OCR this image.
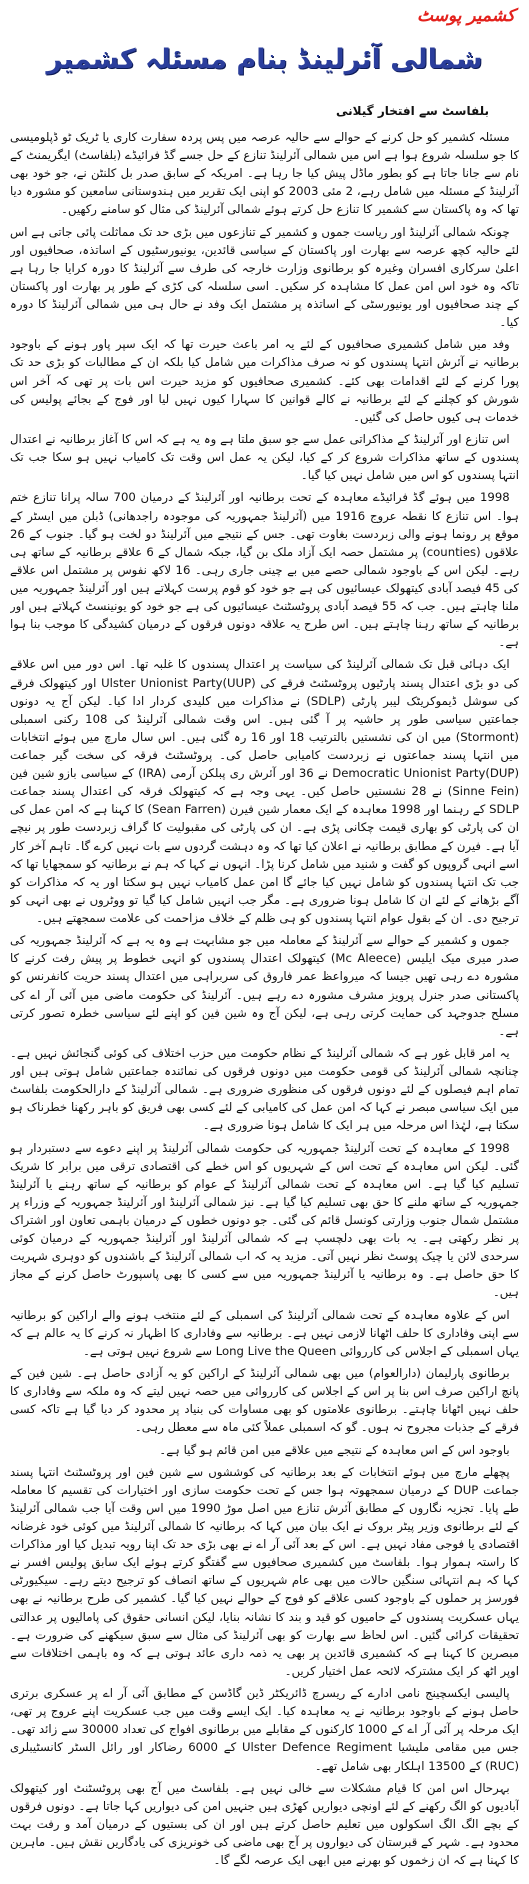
کشمیر پوسٹ
شمالی آئرلینڈ بنام مسئلہ کشمیر
بلفاسٹ سے افتخار گیلانی

مسئلہ کشمیر کو حل کرنے کے حوالے سے حالیہ عرصہ میں پس پردہ سفارت کاری یا ٹریک ٹو ڈپلومیسی کا جو سلسلہ شروع ہوا ہے اس میں شمالی آئرلینڈ تنازع کے حل جسے گڈ فرائیڈے (بلفاسٹ) ایگریمنٹ کے نام سے جانا جاتا ہے کو بطور ماڈل پیش کیا جا رہا ہے۔ امریکہ کے سابق صدر بل کلنٹن نے، جو خود بھی آئرلینڈ کے مسئلہ میں شامل رہے، 2 مئی 2003 کو اپنی ایک تقریر میں ہندوستانی سامعین کو مشورہ دیا تھا کہ وہ پاکستان سے کشمیر کا تنازع حل کرتے ہوئے شمالی آئرلینڈ کی مثال کو سامنے رکھیں۔

چونکہ شمالی آئرلینڈ اور ریاست جموں و کشمیر کے تنازعوں میں بڑی حد تک مماثلت پائی جاتی ہے اس لئے حالیہ کچھ عرصہ سے بھارت اور پاکستان کے سیاسی قائدین، یونیورسٹیوں کے اساتذہ، صحافیوں اور اعلیٰ سرکاری افسران وغیرہ کو برطانوی وزارت خارجہ کی طرف سے آئرلینڈ کا دورہ کرایا جا رہا ہے تاکہ وہ خود اس امن عمل کا مشاہدہ کر سکیں۔ اسی سلسلہ کی کڑی کے طور پر بھارت اور پاکستان کے چند صحافیوں اور یونیورسٹی کے اساتذہ پر مشتمل ایک وفد نے حال ہی میں شمالی آئرلینڈ کا دورہ کیا۔

وفد میں شامل کشمیری صحافیوں کے لئے یہ امر باعث حیرت تھا کہ ایک سپر پاور ہونے کے باوجود برطانیہ نے آئرش انتہا پسندوں کو نہ صرف مذاکرات میں شامل کیا بلکہ ان کے مطالبات کو بڑی حد تک پورا کرنے کے لئے اقدامات بھی کئے۔ کشمیری صحافیوں کو مزید حیرت اس بات پر تھی کہ آخر اس شورش کو کچلنے کے لئے برطانیہ نے کالے قوانین کا سہارا کیوں نہیں لیا اور فوج کے بجائے پولیس کی خدمات ہی کیوں حاصل کی گئیں۔

اس تنازع اور آئرلینڈ کے مذاکراتی عمل سے جو سبق ملتا ہے وہ یہ ہے کہ اس کا آغاز برطانیہ نے اعتدال پسندوں کے ساتھ مذاکرات شروع کر کے کیا، لیکن یہ عمل اس وقت تک کامیاب نہیں ہو سکا جب تک انتہا پسندوں کو اس میں شامل نہیں کیا گیا۔

1998 میں ہوئے گڈ فرائیڈے معاہدہ کے تحت برطانیہ اور آئرلینڈ کے درمیان 700 سالہ پرانا تنازع ختم ہوا۔ اس تنازع کا نقطہ عروج 1916 میں (آئرلینڈ جمہوریہ کی موجودہ راجدھانی) ڈبلن میں ایسٹر کے موقع پر رونما ہونے والی زبردست بغاوت تھی۔ جس کے نتیجے میں آئرلینڈ دو لخت ہو گیا۔ جنوب کے 26 علاقوں (counties) پر مشتمل حصہ ایک آزاد ملک بن گیا، جبکہ شمال کے 6 علاقے برطانیہ کے ساتھ ہی رہے۔ لیکن اس کے باوجود شمالی حصے میں بے چینی جاری رہی۔ 16 لاکھ نفوس پر مشتمل اس علاقے کی 45 فیصد آبادی کیتھولک عیسائیوں کی ہے جو خود کو قوم پرست کہلاتے ہیں اور آئرلینڈ جمہوریہ میں ملنا چاہتے ہیں۔ جب کہ 55 فیصد آبادی پروٹسٹنٹ عیسائیوں کی ہے جو خود کو یونینسٹ کہلاتے ہیں اور برطانیہ کے ساتھ رہنا چاہتے ہیں۔ اس طرح یہ علاقہ دونوں فرقوں کے درمیان کشیدگی کا موجب بنا ہوا ہے۔

ایک دہائی قبل تک شمالی آئرلینڈ کی سیاست پر اعتدال پسندوں کا غلبہ تھا۔ اس دور میں اس علاقے کی دو بڑی اعتدال پسند پارٹیوں پروٹسٹنٹ فرقے کی Ulster Unionist Party(UUP) اور کیتھولک فرقے کی سوشل ڈیموکریٹک لیبر پارٹی (SDLP) نے مذاکرات میں کلیدی کردار ادا کیا۔ لیکن آج یہ دونوں جماعتیں سیاسی طور پر حاشیہ پر آ گئی ہیں۔ اس وقت شمالی آئرلینڈ کی 108 رکنی اسمبلی (Stormont) میں ان کی نشستیں بالترتیب 18 اور 16 رہ گئی ہیں۔ اس سال مارچ میں ہوئے انتخابات میں انتہا پسند جماعتوں نے زبردست کامیابی حاصل کی۔ پروٹسٹنٹ فرقہ کی سخت گیر جماعت Democratic Unionist Party(DUP) نے 36 اور آئرش ری پبلکن آرمی (IRA) کے سیاسی بازو شین فین (Sinne Fein) نے 28 نشستیں حاصل کیں۔ یہی وجہ ہے کہ کیتھولک فرقہ کی اعتدال پسند جماعت SDLP کے رہنما اور 1998 معاہدہ کے ایک معمار شین فیرن (Sean Farren) کا کہنا ہے کہ امن عمل کی ان کی پارٹی کو بھاری قیمت چکانی پڑی ہے۔ ان کی پارٹی کی مقبولیت کا گراف زبردست طور پر نیچے آیا ہے۔ فیرن کے مطابق برطانیہ نے اعلان کیا تھا کہ وہ دہشت گردوں سے بات نہیں کرے گا۔ تاہم آخر کار اسے انہی گروپوں کو گفت و شنید میں شامل کرنا پڑا۔ انہوں نے کہا کہ ہم نے برطانیہ کو سمجھایا تھا کہ جب تک انتہا پسندوں کو شامل نہیں کیا جائے گا امن عمل کامیاب نہیں ہو سکتا اور یہ کہ مذاکرات کو آگے بڑھانے کے لئے ان کا شامل ہونا ضروری ہے۔ مگر جب انہیں شامل کیا گیا تو ووٹروں نے بھی انہی کو ترجیح دی۔ ان کے بقول عوام انتہا پسندوں کو ہی ظلم کے خلاف مزاحمت کی علامت سمجھتے ہیں۔

جموں و کشمیر کے حوالے سے آئرلینڈ کے معاملہ میں جو مشابہت ہے وہ یہ ہے کہ آئرلینڈ جمہوریہ کی صدر میری میک ایلیس (Mc Aleece) کیتھولک اعتدال پسندوں کو انہی خطوط پر پیش رفت کرنے کا مشورہ دے رہی تھیں جیسا کہ میرواعظ عمر فاروق کی سربراہی میں اعتدال پسند حریت کانفرنس کو پاکستانی صدر جنرل پرویز مشرف مشورہ دے رہے ہیں۔ آئرلینڈ کی حکومت ماضی میں آئی آر اے کی مسلح جدوجہد کی حمایت کرتی رہی ہے، لیکن آج وہ شین فین کو اپنے لئے سیاسی خطرہ تصور کرتی ہے۔

یہ امر قابل غور ہے کہ شمالی آئرلینڈ کے نظام حکومت میں حزب اختلاف کی کوئی گنجائش نہیں ہے۔ چنانچہ شمالی آئرلینڈ کی قومی حکومت میں دونوں فرقوں کی نمائندہ جماعتیں شامل ہوتی ہیں اور تمام اہم فیصلوں کے لئے دونوں فرقوں کی منظوری ضروری ہے۔ شمالی آئرلینڈ کے دارالحکومت بلفاسٹ میں ایک سیاسی مبصر نے کہا کہ امن عمل کی کامیابی کے لئے کسی بھی فریق کو باہر رکھنا خطرناک ہو سکتا ہے، لہٰذا اس مرحلہ میں ہر ایک کا شامل ہونا ضروری ہے۔

1998 کے معاہدہ کے تحت آئرلینڈ جمہوریہ کی حکومت شمالی آئرلینڈ پر اپنے دعوے سے دستبردار ہو گئی۔ لیکن اس معاہدہ کے تحت اس کے شہریوں کو اس خطے کی اقتصادی ترقی میں برابر کا شریک تسلیم کیا گیا ہے۔ اس معاہدہ کے تحت شمالی آئرلینڈ کے عوام کو برطانیہ کے ساتھ رہنے یا آئرلینڈ جمہوریہ کے ساتھ ملنے کا حق بھی تسلیم کیا گیا ہے۔ نیز شمالی آئرلینڈ اور آئرلینڈ جمہوریہ کے وزراء پر مشتمل شمال جنوب وزارتی کونسل قائم کی گئی۔ جو دونوں خطوں کے درمیان باہمی تعاون اور اشتراک پر نظر رکھتی ہے۔ یہ بات بھی دلچسپ ہے کہ شمالی آئرلینڈ اور آئرلینڈ جمہوریہ کے درمیان کوئی سرحدی لائن یا چیک پوسٹ نظر نہیں آتی۔ مزید یہ کہ اب شمالی آئرلینڈ کے باشندوں کو دوہری شہریت کا حق حاصل ہے۔ وہ برطانیہ یا آئرلینڈ جمہوریہ میں سے کسی کا بھی پاسپورٹ حاصل کرنے کے مجاز ہیں۔

اس کے علاوہ معاہدہ کے تحت شمالی آئرلینڈ کی اسمبلی کے لئے منتخب ہونے والے اراکین کو برطانیہ سے اپنی وفاداری کا حلف اٹھانا لازمی نہیں ہے۔ برطانیہ سے وفاداری کا اظہار نہ کرنے کا یہ عالم ہے کہ یہاں اسمبلی کے اجلاس کی کارروائی Long Live the Queen سے شروع نہیں ہوتی ہے۔

برطانوی پارلیمان (دارالعوام) میں بھی شمالی آئرلینڈ کے اراکین کو یہ آزادی حاصل ہے۔ شین فین کے پانچ اراکین صرف اس بنا پر اس کے اجلاس کی کارروائی میں حصہ نہیں لیتے کہ وہ ملکہ سے وفاداری کا حلف نہیں اٹھانا چاہتے۔ برطانوی علامتوں کو بھی مساوات کی بنیاد پر محدود کر دیا گیا ہے تاکہ کسی فرقے کے جذبات مجروح نہ ہوں۔ گو کہ اسمبلی عملاً کئی ماہ سے معطل رہی۔

باوجود اس کے اس معاہدہ کے نتیجے میں علاقے میں امن قائم ہو گیا ہے۔

پچھلے مارچ میں ہوئے انتخابات کے بعد برطانیہ کی کوششوں سے شین فین اور پروٹسٹنٹ انتہا پسند جماعت DUP کے درمیان سمجھوتہ ہوا جس کے تحت حکومت سازی اور اختیارات کی تقسیم کا معاملہ طے پایا۔ تجزیہ نگاروں کے مطابق آئرش تنازع میں اصل موڑ 1990 میں اس وقت آیا جب شمالی آئرلینڈ کے لئے برطانوی وزیر پیٹر بروک نے ایک بیان میں کہا کہ برطانیہ کا شمالی آئرلینڈ میں کوئی خود غرضانہ اقتصادی یا فوجی مفاد نہیں ہے۔ اس کے بعد آئی آر اے نے بھی بڑی حد تک اپنا رویہ تبدیل کیا اور مذاکرات کا راستہ ہموار ہوا۔ بلفاسٹ میں کشمیری صحافیوں سے گفتگو کرتے ہوئے ایک سابق پولیس افسر نے کہا کہ ہم انتہائی سنگین حالات میں بھی عام شہریوں کے ساتھ انصاف کو ترجیح دیتے رہے۔ سیکیورٹی فورسز پر حملوں کے باوجود کسی علاقے کو فوج کے حوالے نہیں کیا گیا۔ کشمیر کی طرح برطانیہ نے بھی یہاں عسکریت پسندوں کے حامیوں کو قید و بند کا نشانہ بنایا، لیکن انسانی حقوق کی پامالیوں پر عدالتی تحقیقات کرائی گئیں۔ اس لحاظ سے بھارت کو بھی آئرلینڈ کی مثال سے سبق سیکھنے کی ضرورت ہے۔ مبصرین کا کہنا ہے کہ کشمیری قائدین پر بھی یہ ذمہ داری عائد ہوتی ہے کہ وہ باہمی اختلافات سے اوپر اٹھ کر ایک مشترکہ لائحہ عمل اختیار کریں۔

پالیسی ایکسچینج نامی ادارے کے ریسرچ ڈائریکٹر ڈین گاڈسن کے مطابق آئی آر اے پر عسکری برتری حاصل ہونے کے باوجود برطانیہ نے یہ معاہدہ کیا۔ ایک ایسے وقت میں جب عسکریت اپنے عروج پر تھی، ایک مرحلہ پر آئی آر اے کے 1000 کارکنوں کے مقابلے میں برطانوی افواج کی تعداد 30000 سے زائد تھی۔ جس میں مقامی ملیشیا Ulster Defence Regiment کے 6000 رضاکار اور رائل السٹر کانسٹیبلری (RUC) کے 13500 اہلکار بھی شامل تھے۔

بہرحال اس امن کا قیام مشکلات سے خالی نہیں ہے۔ بلفاسٹ میں آج بھی پروٹسٹنٹ اور کیتھولک آبادیوں کو الگ رکھنے کے لئے اونچی دیواریں کھڑی ہیں جنہیں امن کی دیواریں کہا جاتا ہے۔ دونوں فرقوں کے بچے الگ الگ اسکولوں میں تعلیم حاصل کرتے ہیں اور ان کی بستیوں کے درمیان آمد و رفت بہت محدود ہے۔ شہر کے قبرستان کی دیواروں پر آج بھی ماضی کی خونریزی کی یادگاریں نقش ہیں۔ ماہرین کا کہنا ہے کہ ان زخموں کو بھرنے میں ابھی ایک عرصہ لگے گا۔
